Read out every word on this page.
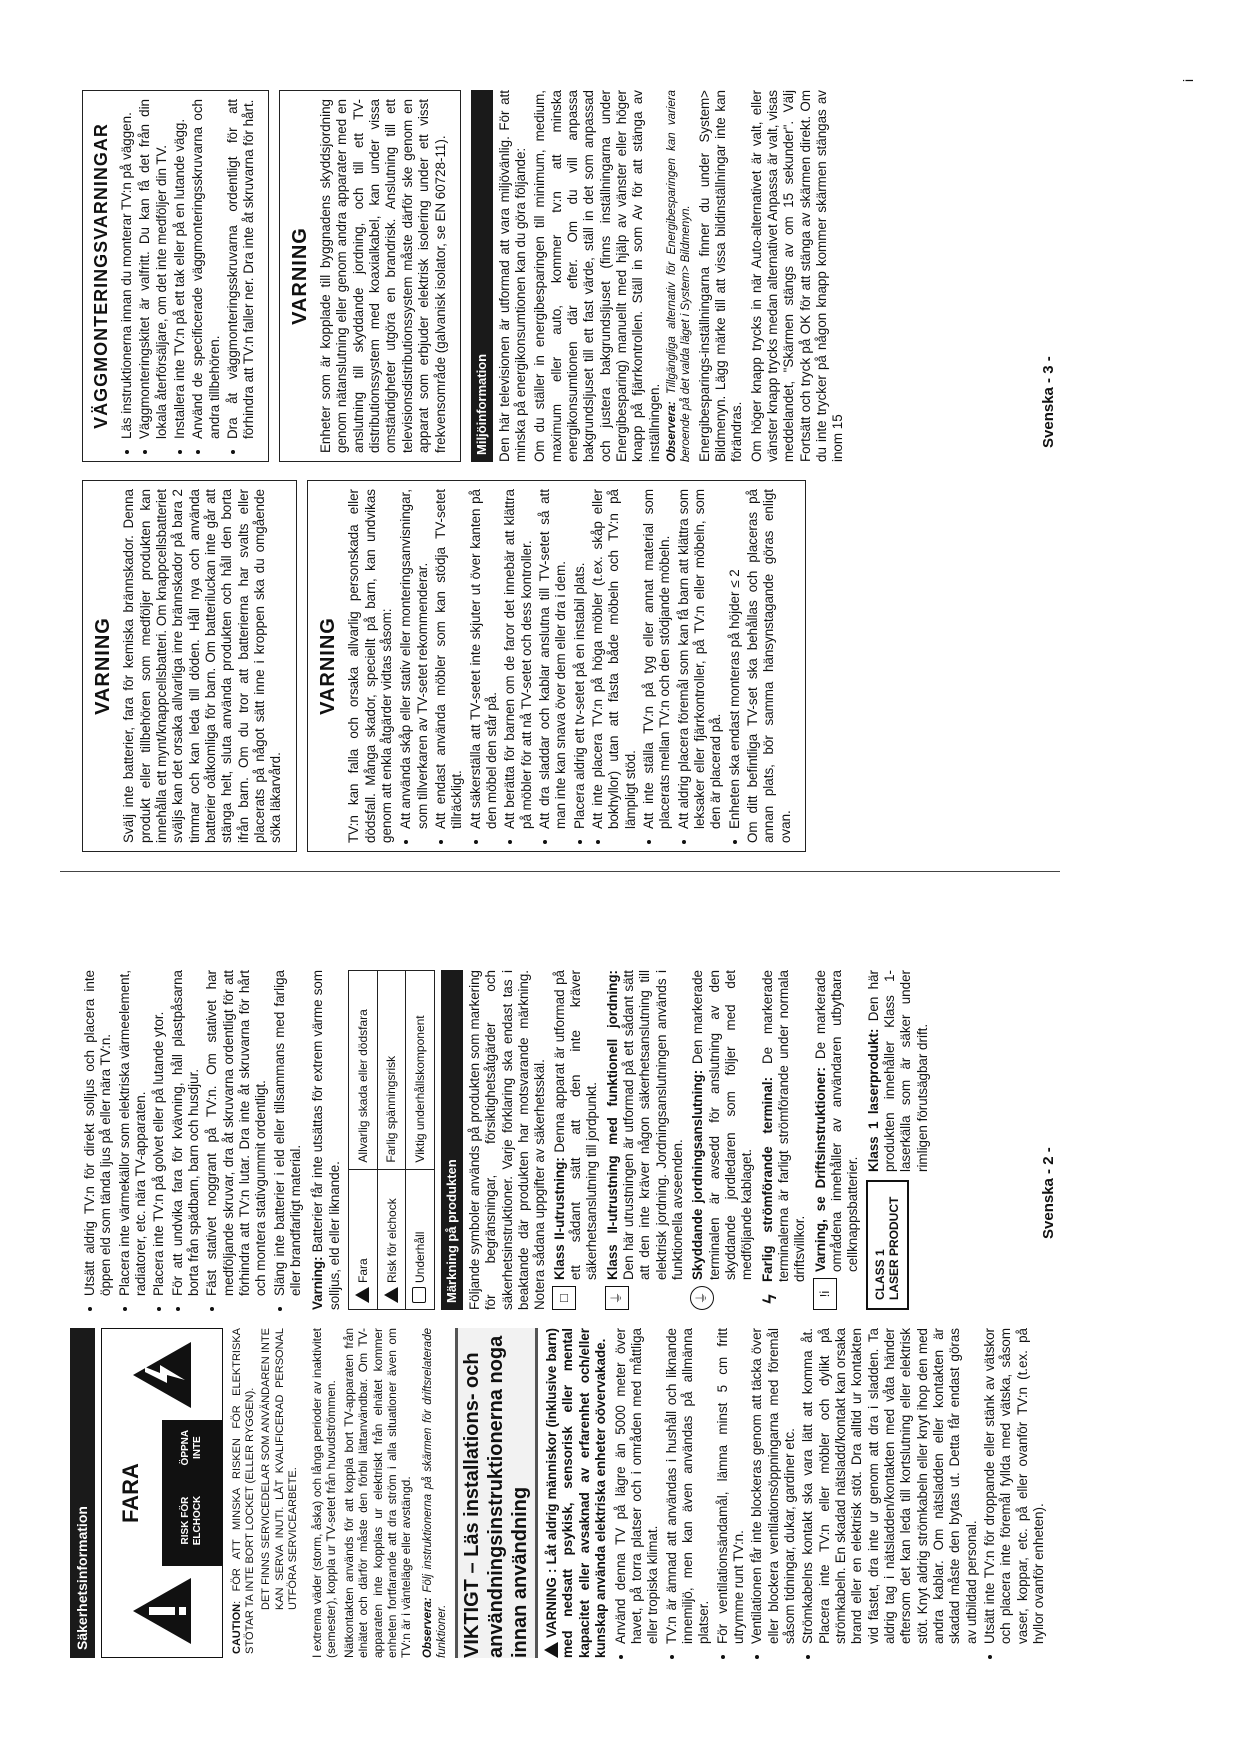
Säkerhetsinformation
FARA	RISK FÖR ELCHOCK
ÖPPNA INTE

CAUTION: FÖR ATT MINSKA RISKEN FÖR ELEKTRISKA STÖTAR TA INTE BORT LOCKET (ELLER RYGGEN). DET FINNS SERVICEDELAR SOM ANVÄNDAREN INTE KAN SERVA INUTI. LÅT KVALIFICERAD PERSONAL UTFÖRA SERVICEARBETE. I extrema väder (storm, åska) och långa perioder av inaktivitet (semester), koppla ur TV-setet från huvudströmmen. Nätkontakten används för att koppla bort TV-apparaten från elnätet och därför måste den förbli lättanvändbar. Om TV-apparaten inte kopplas ur elektriskt från elnätet kommer enheten fortfarande att dra ström i alla situationer även om TV:n är i vänteläge eller avstängd. Observera: Följ instruktionerna på skärmen för driftsrelaterade funktioner. VIKTIGT – Läs installations- och användningsinstruktionerna noga innan användning	VARNING : Låt aldrig människor (inklusive barn) med nedsatt psykisk, sensorisk eller mental kapacitet eller avsaknad av erfarenhet och/eller kunskap använda elektriska enheter oövervakade. • Använd denna TV på lägre än 5000 meter över havet, på torra platser och i områden med måttliga eller tropiska klimat. • TV:n är ämnad att användas i hushåll och liknande innemiljö, men kan även användas på allmänna platser. • För ventilationsändamål, lämna minst 5 cm fritt utrymme runt TV:n. • Ventilationen får inte blockeras genom att täcka över eller blockera ventilationsöppningarna med föremål såsom tidningar, dukar, gardiner etc. • Strömkabelns kontakt ska vara lätt att komma åt. Placera inte TV:n eller möbler och dylikt på strömkabeln. En skadad nätsladd/kontakt kan orsaka brand eller en elektrisk stöt. Dra alltid ur kontakten vid fästet, dra inte ur genom att dra i sladden. Ta aldrig tag i nätsladden/kontakten med våta händer eftersom det kan leda till kortslutning eller elektrisk stöt. Knyt aldrig strömkabeln eller knyt ihop den med andra kablar. Om nätsladden eller kontakten är skadad måste den bytas ut. Detta får endast göras av utbildad personal. • Utsätt inte TV:n för droppande eller stänk av vätskor och placera inte föremål fyllda med vätska, såsom vaser, koppar, etc. på eller ovanför TV:n (t.ex. på hyllor ovanför enheten).
• Utsätt aldrig TV:n för direkt solljus och placera inte öppen eld som tända ljus på eller nära TV:n. • Placera inte värmekällor som elektriska värmeelement, radiatorer, etc. nära TV-apparaten. • Placera inte TV:n på golvet eller på lutande ytor. • För att undvika fara för kvävning, håll plastpåsarna borta från spädbarn, barn och husdjur. • Fäst stativet noggrant på TV:n. Om stativet har medföljande skruvar, dra åt skruvarna ordentligt för att förhindra att TV:n lutar. Dra inte åt skruvarna för hårt och montera stativgummit ordentligt. • Släng inte batterier i eld eller tillsammans med farliga eller brandfarligt material. Varning: Batterier får inte utsättas för extrem värme som solljus, eld eller liknande. Fara	Allvarlig skada eller dödsfara
Risk för elchock	Farlig spänningsrisk
Underhåll	Viktig underhållskomponent
Märkning på produkten Följande symboler används på produkten som markering för begränsningar, försiktighetsåtgärder och säkerhetsinstruktioner. Varje förklaring ska endast tas i beaktande där produkten har motsvarande märkning. Notera sådana uppgifter av säkerhetsskäl. □
Klass II-utrustning: Denna apparat är utformad på ett sådant sätt att den inte kräver säkerhetsanslutning till jordpunkt.
⏚
Klass II-utrustning med funktionell jordning: Den här utrustningen är utformad på ett sådant sätt att den inte kräver någon säkerhetsanslutning till elektrisk jordning. Jordningsanslutningen används i funktionella avseenden.
⏚
Skyddande jordningsanslutning: Den markerade terminalen är avsedd för anslutning av den skyddande jordledaren som följer med det medföljande kablaget.
ϟ
Farlig strömförande terminal: De markerade terminalerna är farligt strömförande under normala driftsvillkor.
!i
Varning, se Driftsinstruktioner: De markerade områdena innehåller av användaren utbytbara cellknappsbatterier.
CLASS 1 LASER PRODUCT
Klass 1 laserprodukt: Den här produkten innehåller Klass 1-laserkälla som är säker under rimligen förutsägbar drift.
Svenska - 2 -
VARNING Svälj inte batterier, fara för kemiska brännskador. Denna produkt eller tillbehören som medföljer produkten kan innehålla ett mynt/knappcellsbatteri. Om knappcellsbatteriet sväljs kan det orsaka allvarliga inre brännskador på bara 2 timmar och kan leda till döden. Håll nya och använda batterier oåtkomliga för barn. Om batteriluckan inte går att stänga helt, sluta använda produkten och håll den borta ifrån barn. Om du tror att batterierna har svalts eller placerats på något sätt inne i kroppen ska du omgående söka läkarvård.

VARNING TV:n kan falla och orsaka allvarlig personskada eller dödsfall. Många skador, speciellt på barn, kan undvikas genom att enkla åtgärder vidtas såsom: • Att använda skåp eller stativ eller monteringsanvisningar, som tillverkaren av TV-setet rekommenderar. • Att endast använda möbler som kan stödja TV-setet tillräckligt. • Att säkerställa att TV-setet inte skjuter ut över kanten på den möbel den står på. • Att berätta för barnen om de faror det innebär att klättra på möbler för att nå TV-setet och dess kontroller. • Att dra sladdar och kablar anslutna till TV-setet så att man inte kan snava över dem eller dra i dem. • Placera aldrig ett tv-setet på en instabil plats. • Att inte placera TV:n på höga möbler (t.ex. skåp eller bokhyllor) utan att fästa både möbeln och TV:n på lämpligt stöd. • Att inte ställa TV:n på tyg eller annat material som placerats mellan TV:n och den stödjande möbeln. • Att aldrig placera föremål som kan få barn att klättra som leksaker eller fjärrkontroller, på TV:n eller möbeln, som den är placerad på. • Enheten ska endast monteras på höjder ≤ 2 Om ditt befintliga TV-set ska behållas och placeras på annan plats, bör samma hänsynstagande göras enligt ovan.

VÄGGMONTERINGSVARNINGAR • Läs instruktionerna innan du monterar TV:n på väggen. • Väggmonteringskitet är valfritt. Du kan få det från din lokala återförsäljare, om det inte medföljer din TV. • Installera inte TV:n på ett tak eller på en lutande vägg. • Använd de specificerade väggmonteringsskruvarna och andra tillbehören. • Dra åt väggmonteringsskruvarna ordentligt för att förhindra att TV:n faller ner. Dra inte åt skruvarna för hårt. VARNING Enheter som är kopplade till byggnadens skyddsjordning genom nätanslutning eller genom andra apparater med en anslutning till skyddande jordning, och till ett TV-distributionssystem med koaxialkabel, kan under vissa omständigheter utgöra en brandrisk. Anslutning till ett televisionsdistributionssystem måste därför ske genom en apparat som erbjuder elektrisk isolering under ett visst frekvensområde (galvanisk isolator, se EN 60728-11). Miljöinformation Den här televisionen är utformad att vara miljövänlig. För att minska på energikonsumtionen kan du göra följande: Om du ställer in energibesparingen till minimum, medium, maximum eller auto, kommer tv:n att minska energikonsumtionen där efter. Om du vill anpassa bakgrundsljuset till ett fast värde, ställ in det som anpassad och justera bakgrundsljuset (finns inställningarna under Energibesparing) manuellt med hjälp av vänster eller höger knapp på fjärrkontrollen. Ställ in som Av för att stänga av inställningen. Observera: Tillgängliga alternativ för Energibesparingen kan variera beroende på det valda läget i System> Bildmenyn. Energibesparings-inställningarna finner du under System> Bildmenyn. Lägg märke till att vissa bildinställningar inte kan förändras. Om höger knapp trycks in när Auto-alternativet är valt, eller vänster knapp trycks medan alternativet Anpassa är valt, visas meddelandet, "Skärmen stängs av om 15 sekunder". Välj Fortsätt och tryck på OK för att stänga av skärmen direkt. Om du inte trycker på någon knapp kommer skärmen stängas av inom 15	Svenska - 3 -
i
